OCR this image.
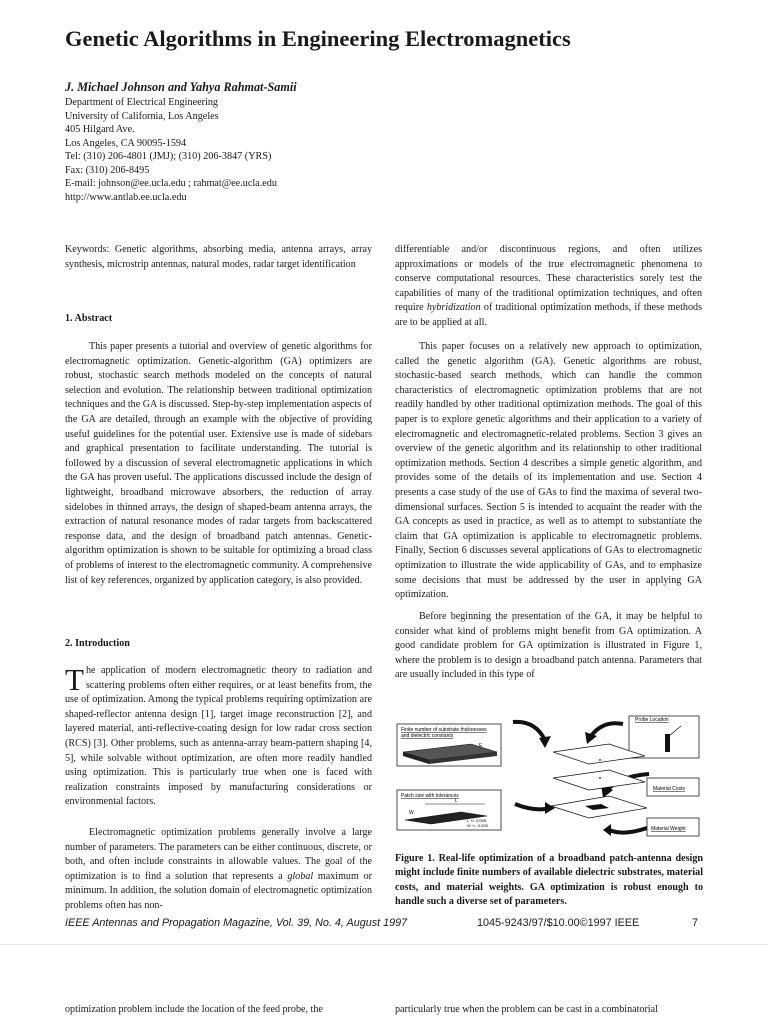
Genetic Algorithms in Engineering Electromagnetics
J. Michael Johnson and Yahya Rahmat-Samii
Department of Electrical Engineering
University of California, Los Angeles
405 Hilgard Ave.
Los Angeles, CA 90095-1594
Tel: (310) 206-4801 (JMJ); (310) 206-3847 (YRS)
Fax: (310) 206-8495
E-mail: johnson@ee.ucla.edu ; rahmat@ee.ucla.edu
http://www.antlab.ee.ucla.edu
Keywords: Genetic algorithms, absorbing media, antenna arrays, array synthesis, microstrip antennas, natural modes, radar target identification
1. Abstract

This paper presents a tutorial and overview of genetic algorithms for electromagnetic optimization. Genetic-algorithm (GA) optimizers are robust, stochastic search methods modeled on the concepts of natural selection and evolution. The relationship between traditional optimization techniques and the GA is discussed. Step-by-step implementation aspects of the GA are detailed, through an example with the objective of providing useful guidelines for the potential user. Extensive use is made of sidebars and graphical presentation to facilitate understanding. The tutorial is followed by a discussion of several electromagnetic applications in which the GA has proven useful. The applications discussed include the design of lightweight, broadband microwave absorbers, the reduction of array sidelobes in thinned arrays, the design of shaped-beam antenna arrays, the extraction of natural resonance modes of radar targets from backscattered response data, and the design of broadband patch antennas. Genetic-algorithm optimization is shown to be suitable for optimizing a broad class of problems of interest to the electromagnetic community. A comprehensive list of key references, organized by application category, is also provided.

2. Introduction

The application of modern electromagnetic theory to radiation and scattering problems often either requires, or at least benefits from, the use of optimization. Among the typical problems requiring optimization are shaped-reflector antenna design [1], target image reconstruction [2], and layered material, anti-reflective-coating design for low radar cross section (RCS) [3]. Other problems, such as antenna-array beam-pattern shaping [4, 5], while solvable without optimization, are often more readily handled using optimization. This is particularly true when one is faced with realization constraints imposed by manufacturing considerations or environmental factors.

Electromagnetic optimization problems generally involve a large number of parameters. The parameters can be either continuous, discrete, or both, and often include constraints in allowable values. The goal of the optimization is to find a solution that represents a global maximum or minimum. In addition, the solution domain of electromagnetic optimization problems often has non-

differentiable and/or discontinuous regions, and often utilizes approximations or models of the true electromagnetic phenomena to conserve computational resources. These characteristics sorely test the capabilities of many of the traditional optimization techniques, and often require hybridization of traditional optimization methods, if these methods are to be applied at all.

This paper focuses on a relatively new approach to optimization, called the genetic algorithm (GA). Genetic algorithms are robust, stochastic-based search methods, which can handle the common characteristics of electromagnetic optimization problems that are not readily handled by other traditional optimization methods. The goal of this paper is to explore genetic algorithms and their application to a variety of electromagnetic and electromagnetic-related problems. Section 3 gives an overview of the genetic algorithm and its relationship to other traditional optimization methods. Section 4 describes a simple genetic algorithm, and provides some of the details of its implementation and use. Section 4 presents a case study of the use of GAs to find the maxima of several two-dimensional surfaces. Section 5 is intended to acquaint the reader with the GA concepts as used in practice, as well as to attempt to substantiate the claim that GA optimization is applicable to electromagnetic problems. Finally, Section 6 discusses several applications of GAs to electromagnetic optimization to illustrate the wide applicability of GAs, and to emphasize some decisions that must be addressed by the user in applying GA optimization.

Before beginning the presentation of the GA, it may be helpful to consider what kind of problems might benefit from GA optimization. A good candidate problem for GA optimization is illustrated in Figure 1, where the problem is to design a broadband patch antenna. Parameters that are usually included in this type of

Finite number of substrate thicknesses
and dielectric constants
E
Probe Location
Material Costs
Patch size with tolerances
L
W
L +/- 0.005
W +/- 0.005
Material Weight
Figure 1. Real-life optimization of a broadband patch-antenna design might include finite numbers of available dielectric substrates, material costs, and material weights. GA optimization is robust enough to handle such a diverse set of parameters.
IEEE Antennas and Propagation Magazine, Vol. 39, No. 4, August 1997	1045-9243/97/$10.00©1997 IEEE	7
optimization problem include the location of the feed probe, the	particularly true when the problem can be cast in a combinatorial
